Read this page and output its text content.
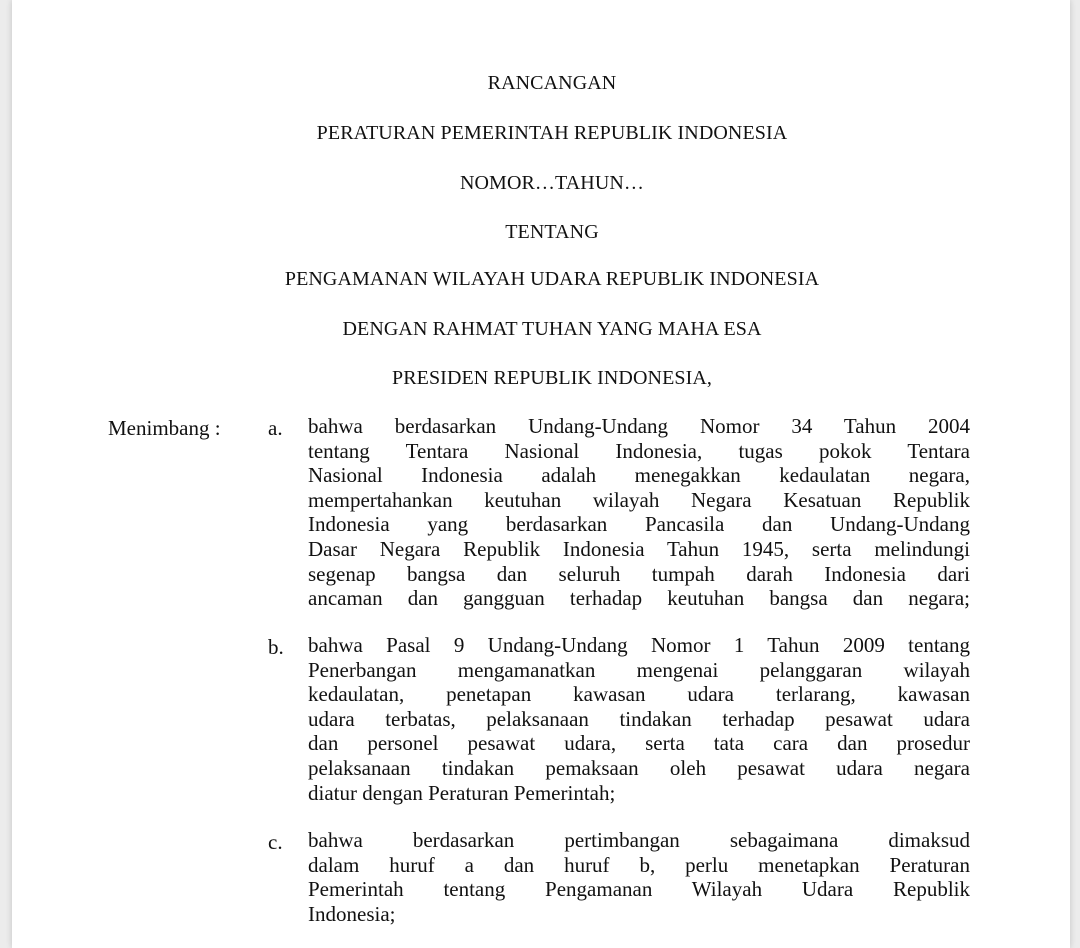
RANCANGAN
PERATURAN PEMERINTAH REPUBLIK INDONESIA
NOMOR…TAHUN…
TENTANG
PENGAMANAN WILAYAH UDARA REPUBLIK INDONESIA
DENGAN RAHMAT TUHAN YANG MAHA ESA
PRESIDEN REPUBLIK INDONESIA,
Menimbang : a. bahwa berdasarkan Undang-Undang Nomor 34 Tahun 2004
tentang Tentara Nasional Indonesia, tugas pokok Tentara
Nasional Indonesia adalah menegakkan kedaulatan negara,
mempertahankan keutuhan wilayah Negara Kesatuan Republik
Indonesia yang berdasarkan Pancasila dan Undang-Undang
Dasar Negara Republik Indonesia Tahun 1945, serta melindungi
segenap bangsa dan seluruh tumpah darah Indonesia dari
ancaman dan gangguan terhadap keutuhan bangsa dan negara;
b. bahwa Pasal 9 Undang-Undang Nomor 1 Tahun 2009 tentang
Penerbangan mengamanatkan mengenai pelanggaran wilayah
kedaulatan, penetapan kawasan udara terlarang, kawasan
udara terbatas, pelaksanaan tindakan terhadap pesawat udara
dan personel pesawat udara, serta tata cara dan prosedur
pelaksanaan tindakan pemaksaan oleh pesawat udara negara
diatur dengan Peraturan Pemerintah;
c. bahwa berdasarkan pertimbangan sebagaimana dimaksud
dalam huruf a dan huruf b, perlu menetapkan Peraturan
Pemerintah tentang Pengamanan Wilayah Udara Republik
Indonesia;
